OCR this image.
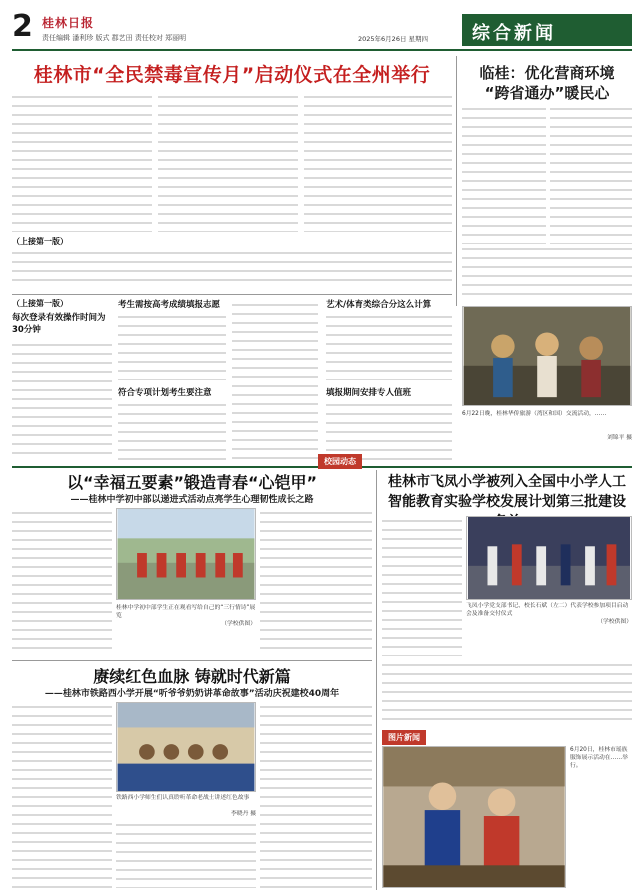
2 桂林日报
责任编辑 潘利珍 版式 郡艺田 责任校对 郑丽明	2025年6月26日 星期四 综合新闻
桂林市“全民禁毒宣传月”启动仪式在全州举行
（上接第一版）
临桂：优化营商环境
“跨省通办”暖民心
（上接第一版）
每次登录有效操作时间为30分钟
考生需按高考成绩填报志愿
符合专项计划考生要注意
艺术/体育类综合分这么计算
填报期间安排专人值班
6月22日晚，桂林华侨旅游（湾区和国）交流活动，……
刘锦平 摄
校园动态
以“幸福五要素”锻造青春“心铠甲”
——桂林中学初中部以递进式活动点亮学生心理韧性成长之路
桂林中学初中部学生正在观看写给自己的“三行情诗”展览
（学校供图）
桂林市飞凤小学被列入全国中小学人工智能教育实验学校发展计划第三批建设
飞凤小学党支部书记、校长石斌（左二）代表学校参加项目启动会及准备交付仪式
（学校供图）
赓续红色血脉 铸就时代新篇
——桂林市铁路西小学开展“听爷爷奶奶讲革命故事”活动庆祝建校40周年
铁路西小学师生们认真聆听革命老战士讲述红色故事
李晓丹 摄
图片新闻
6月20日，桂林市瑶族服饰展示活动在……举行。
